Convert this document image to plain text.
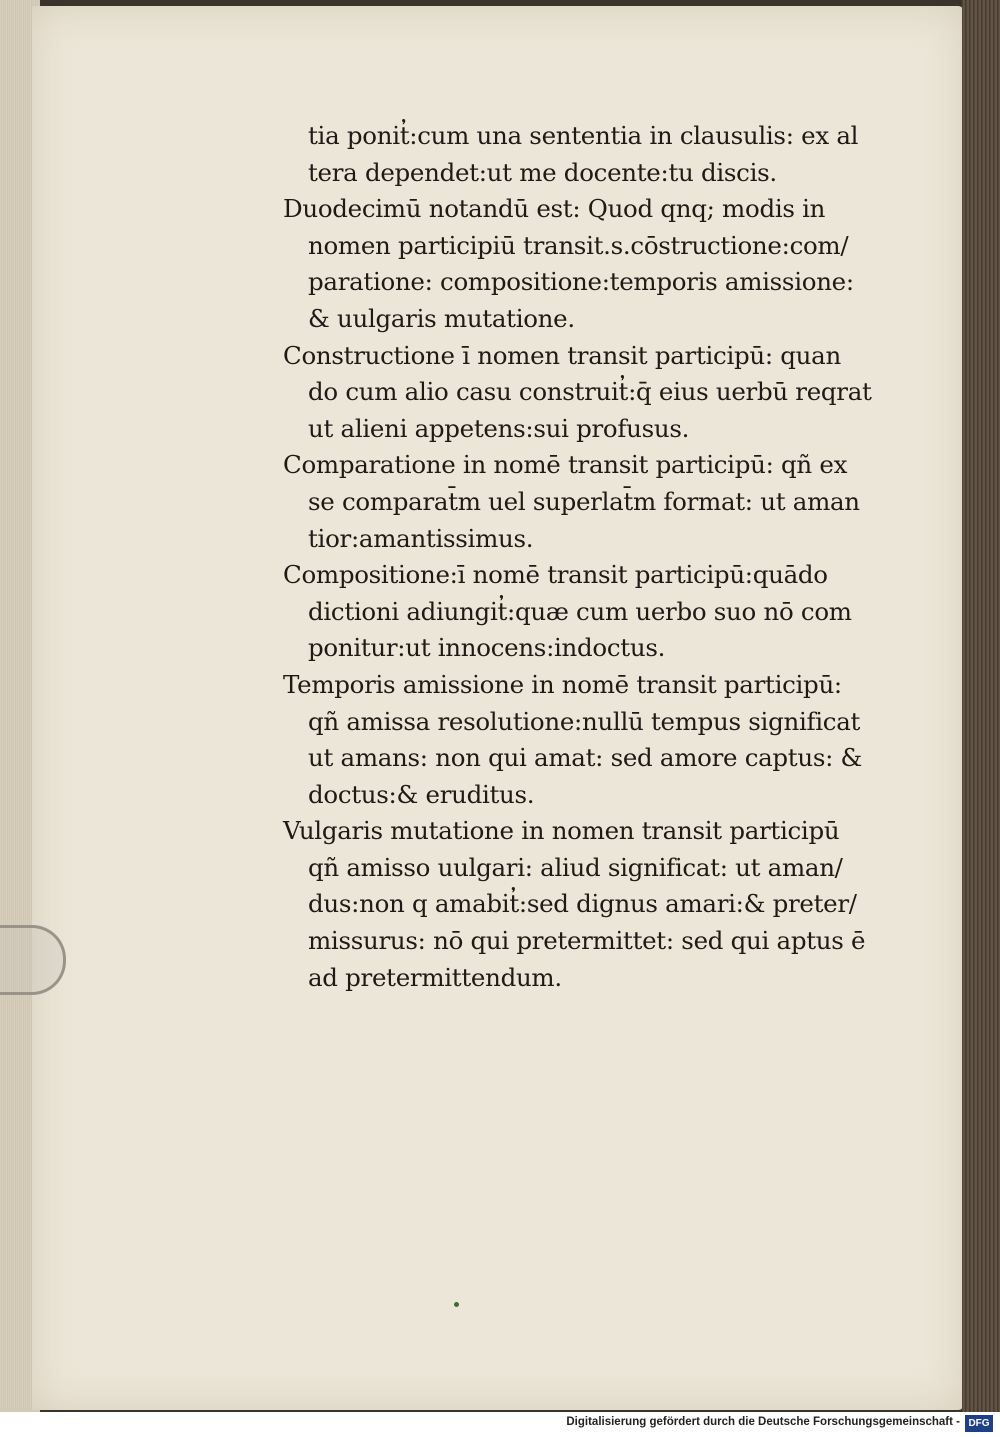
tia ponit̓:cum una sententia in clausulis: ex al
tera dependet:ut me docente:tu discis.
Duodecimū notandū est: Quod qnq; modis in
nomen participiū transit.s.cōstructione:com/
paratione: compositione:temporis amissione:
& uulgaris mutatione.
Constructione ī nomen transit participū: quan
do cum alio casu construit̓:q̄ eius uerbū reqrat
ut alieni appetens:sui profusus.
Comparatione in nomē transit participū: qñ ex
se comparat̄m uel superlat̄m format: ut aman
tior:amantissimus.
Compositione:ī nomē transit participū:quādo
dictioni adiungit̓:quæ cum uerbo suo nō com
ponitur:ut innocens:indoctus.
Temporis amissione in nomē transit participū:
qñ amissa resolutione:nullū tempus significat
ut amans: non qui amat: sed amore captus: &
doctus:& eruditus.
Vulgaris mutatione in nomen transit participū
qñ amisso uulgari: aliud significat: ut aman/
dus:non q amabit̓:sed dignus amari:& preter/
missurus: nō qui pretermittet: sed qui aptus ē
ad pretermittendum.
Digitalisierung gefördert durch die Deutsche Forschungsgemeinschaft - DFG
